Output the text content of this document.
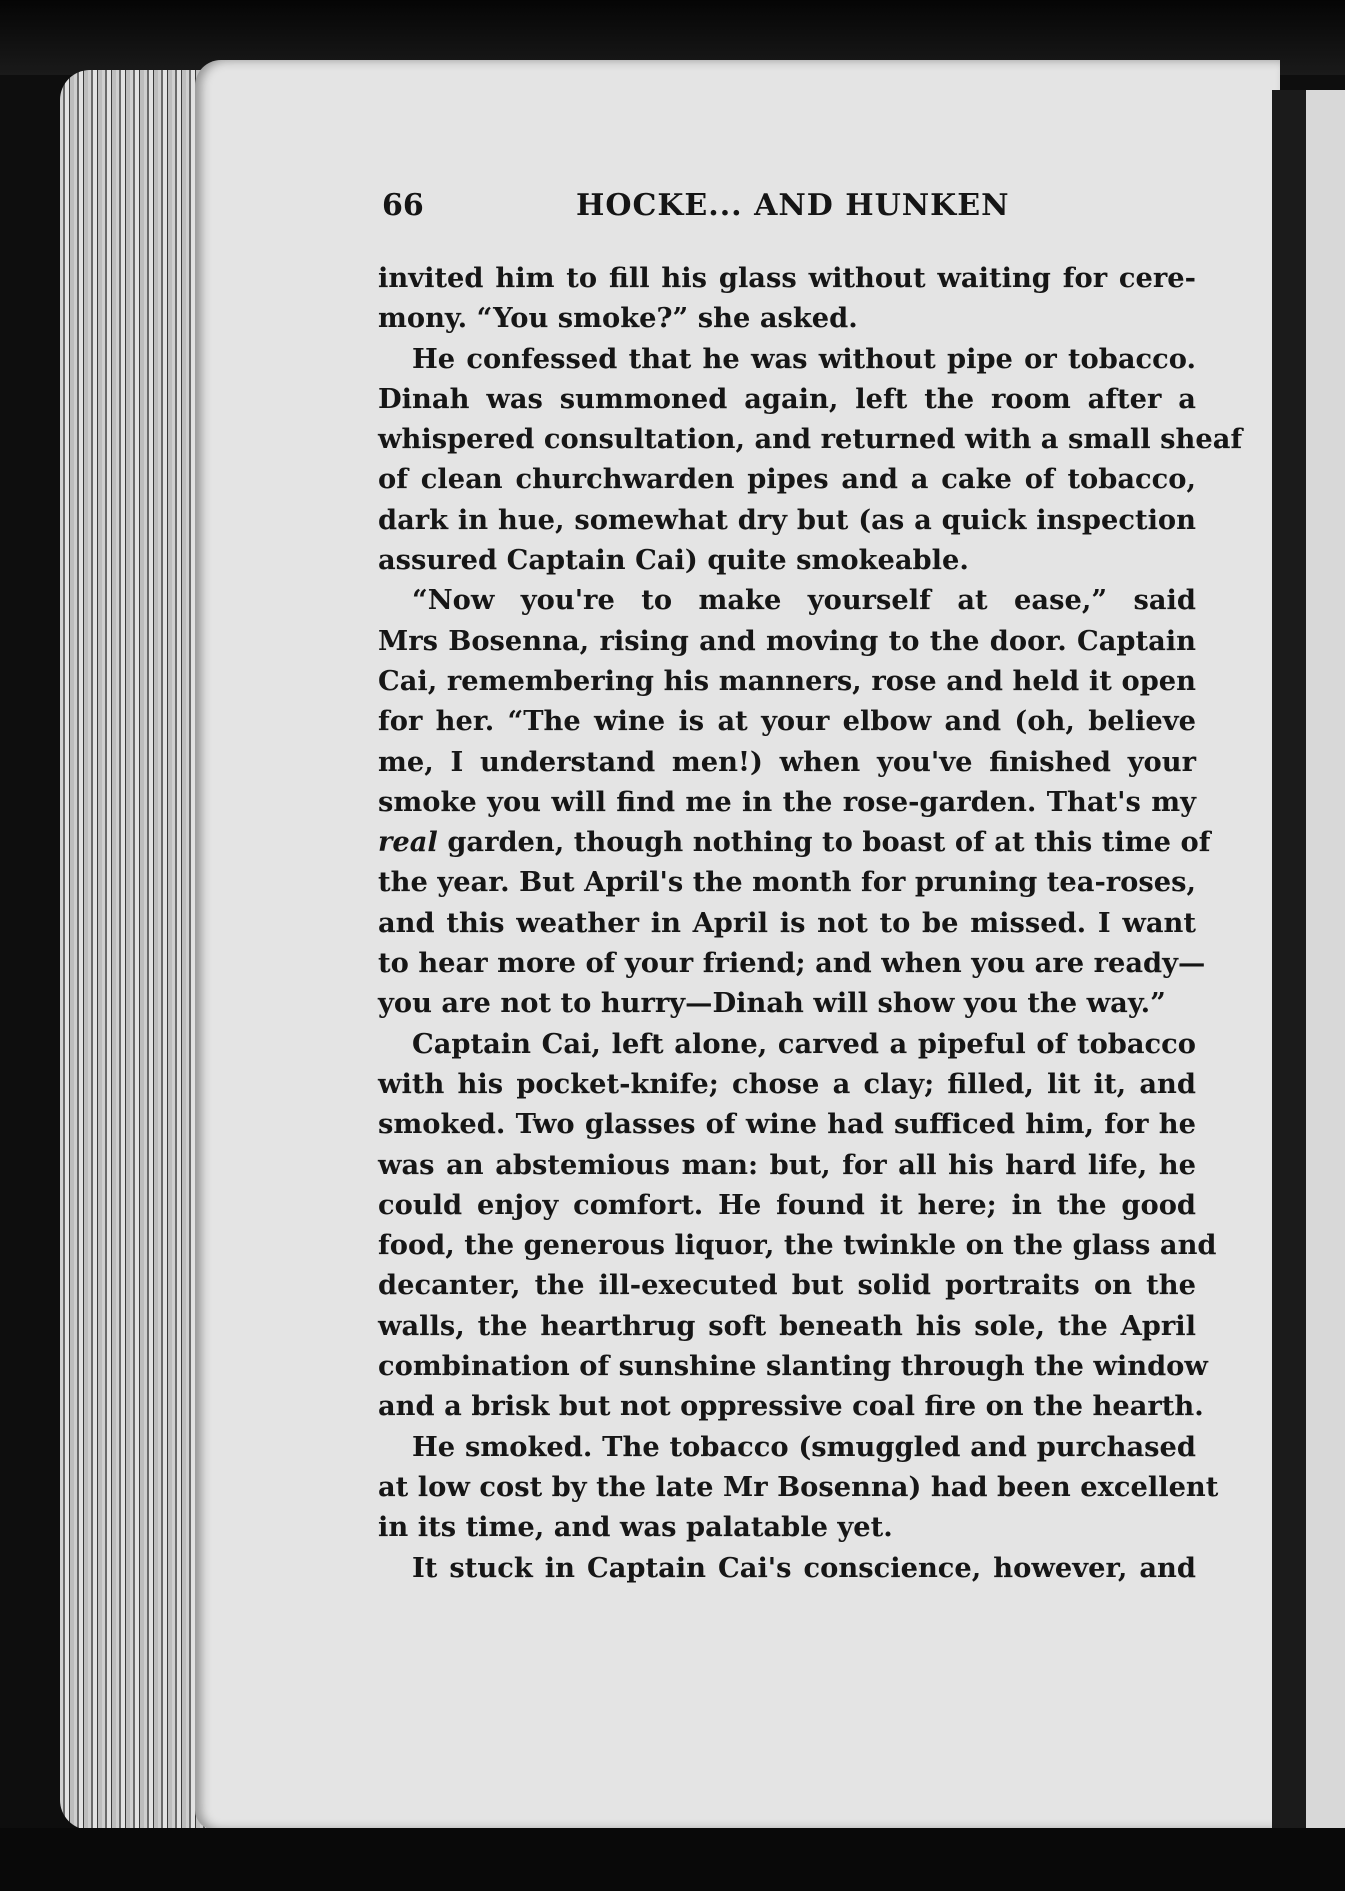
66	HOCKE... AND HUNKEN
invited him to fill his glass without waiting for cere-
mony. “You smoke?” she asked.
He confessed that he was without pipe or tobacco.
Dinah was summoned again, left the room after a
whispered consultation, and returned with a small sheaf
of clean churchwarden pipes and a cake of tobacco,
dark in hue, somewhat dry but (as a quick inspection
assured Captain Cai) quite smokeable.
“Now you're to make yourself at ease,” said
Mrs Bosenna, rising and moving to the door. Captain
Cai, remembering his manners, rose and held it open
for her. “The wine is at your elbow and (oh, believe
me, I understand men!) when you've finished your
smoke you will find me in the rose-garden. That's my
real garden, though nothing to boast of at this time of
the year. But April's the month for pruning tea-roses,
and this weather in April is not to be missed. I want
to hear more of your friend; and when you are ready—
you are not to hurry—Dinah will show you the way.”
Captain Cai, left alone, carved a pipeful of tobacco
with his pocket-knife; chose a clay; filled, lit it, and
smoked. Two glasses of wine had sufficed him, for he
was an abstemious man: but, for all his hard life, he
could enjoy comfort. He found it here; in the good
food, the generous liquor, the twinkle on the glass and
decanter, the ill-executed but solid portraits on the
walls, the hearthrug soft beneath his sole, the April
combination of sunshine slanting through the window
and a brisk but not oppressive coal fire on the hearth.
He smoked. The tobacco (smuggled and purchased
at low cost by the late Mr Bosenna) had been excellent
in its time, and was palatable yet.
It stuck in Captain Cai's conscience, however, and
